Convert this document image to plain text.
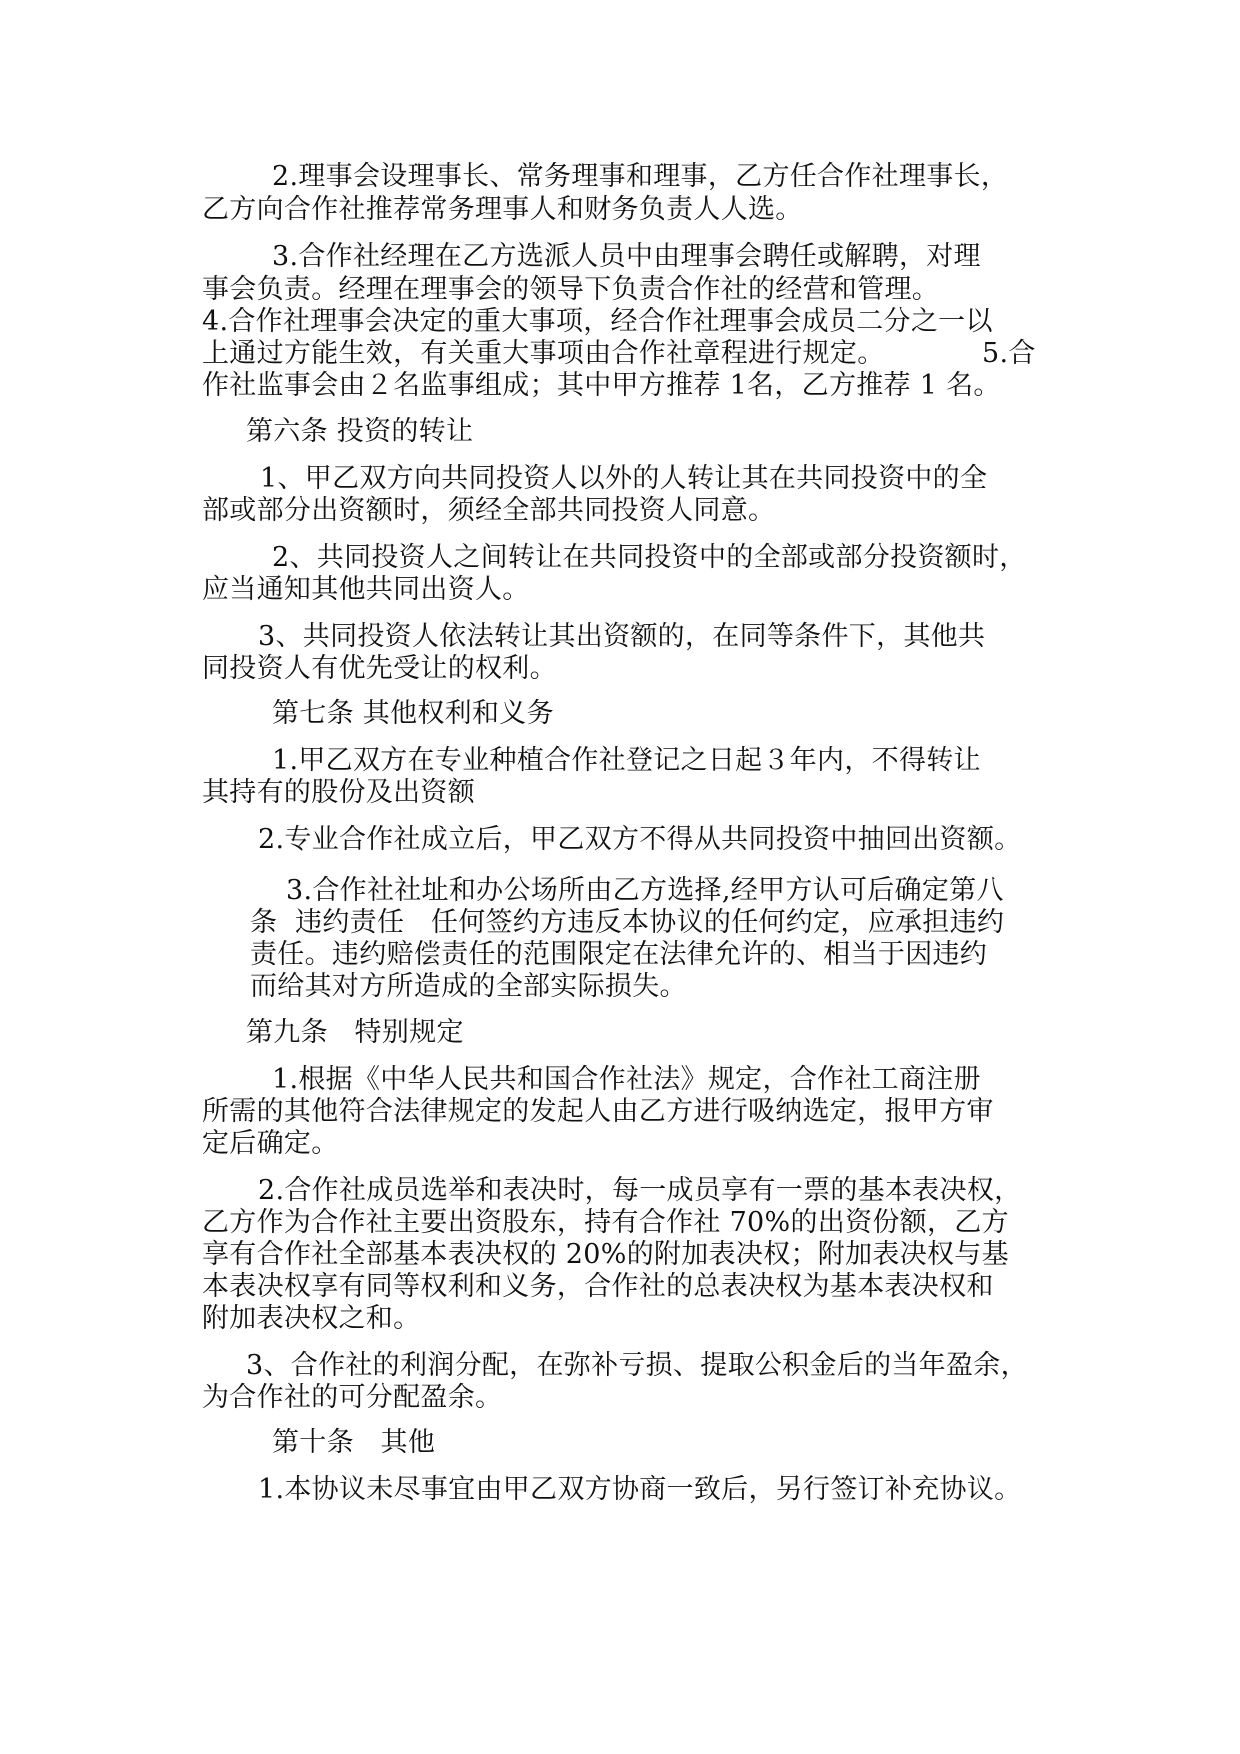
2.理事会设理事长、常务理事和理事，乙方任合作社理事长，
乙方向合作社推荐常务理事人和财务负责人人选。
3.合作社经理在乙方选派人员中由理事会聘任或解聘，对理
事会负责。经理在理事会的领导下负责合作社的经营和管理。
4.合作社理事会决定的重大事项，经合作社理事会成员二分之一以
上通过方能生效，有关重大事项由合作社章程进行规定。	5.合
作社监事会由２名监事组成；其中甲方推荐 1名，乙方推荐 1 名。
第六条 投资的转让
1、甲乙双方向共同投资人以外的人转让其在共同投资中的全
部或部分出资额时，须经全部共同投资人同意。
2、共同投资人之间转让在共同投资中的全部或部分投资额时，
应当通知其他共同出资人。
3、共同投资人依法转让其出资额的，在同等条件下，其他共
同投资人有优先受让的权利。
第七条 其他权利和义务
1.甲乙双方在专业种植合作社登记之日起３年内，不得转让
其持有的股份及出资额
2.专业合作社成立后，甲乙双方不得从共同投资中抽回出资额。
3.合作社社址和办公场所由乙方选择,经甲方认可后确定第八
条  违约责任   任何签约方违反本协议的任何约定，应承担违约
责任。违约赔偿责任的范围限定在法律允许的、相当于因违约
而给其对方所造成的全部实际损失。
第九条   特别规定
1.根据《中华人民共和国合作社法》规定，合作社工商注册
所需的其他符合法律规定的发起人由乙方进行吸纳选定，报甲方审
定后确定。
2.合作社成员选举和表决时，每一成员享有一票的基本表决权，
乙方作为合作社主要出资股东，持有合作社 70%的出资份额，乙方
享有合作社全部基本表决权的 20%的附加表决权；附加表决权与基
本表决权享有同等权利和义务，合作社的总表决权为基本表决权和
附加表决权之和。
3、合作社的利润分配，在弥补亏损、提取公积金后的当年盈余，
为合作社的可分配盈余。
第十条   其他
1.本协议未尽事宜由甲乙双方协商一致后，另行签订补充协议。
